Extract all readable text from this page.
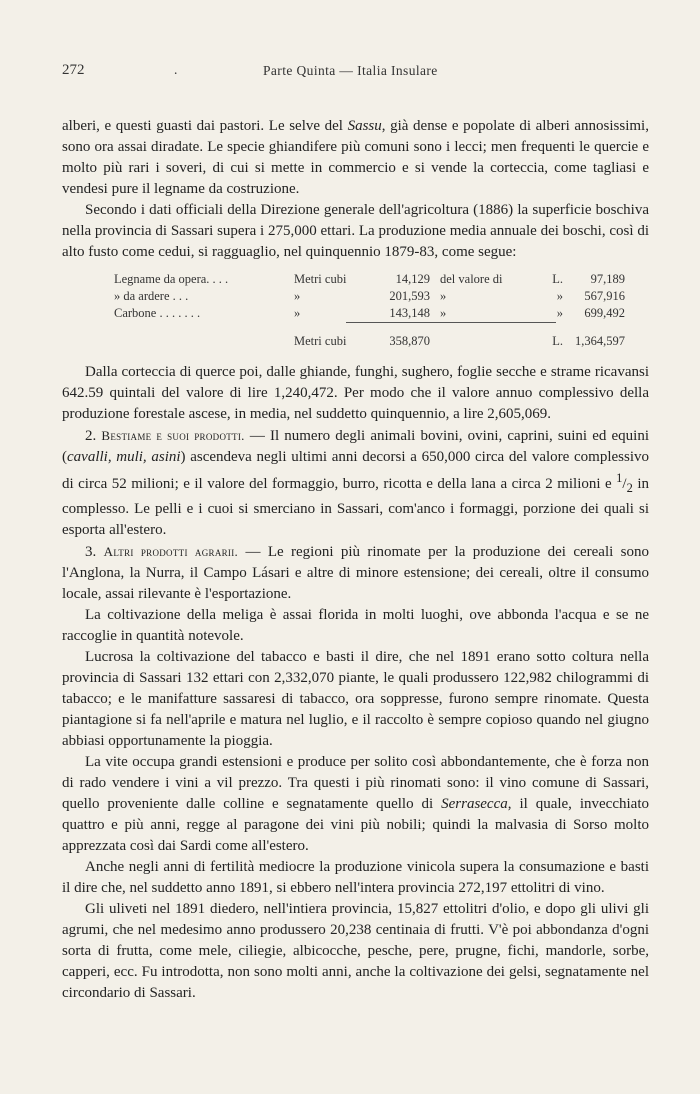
272	.	Parte Quinta — Italia Insulare

alberi, e questi guasti dai pastori. Le selve del Sassu, già dense e popolate di alberi annosissimi, sono ora assai diradate. Le specie ghiandifere più comuni sono i lecci; men frequenti le quercie e molto più rari i soveri, di cui si mette in commercio e si vende la corteccia, come tagliasi e vendesi pure il legname da costruzione.

Secondo i dati officiali della Direzione generale dell'agricoltura (1886) la superficie boschiva nella provincia di Sassari supera i 275,000 ettari. La produzione media annuale dei boschi, così di alto fusto come cedui, si ragguaglio, nel quinquennio 1879-83, come segue:

Legname da opera. . . .	Metri cubi	14,129	del valore di	L.	97,189
» da ardere . . .	»	201,593	»	»	567,916
Carbone . . . . . . .	»	143,148	»	»	699,492

	Metri cubi	358,870		L.	1,364,597

Dalla corteccia di querce poi, dalle ghiande, funghi, sughero, foglie secche e strame ricavansi 642.59 quintali del valore di lire 1,240,472. Per modo che il valore annuo complessivo della produzione forestale ascese, in media, nel suddetto quinquennio, a lire 2,605,069.

2. Bestiame e suoi prodotti. — Il numero degli animali bovini, ovini, caprini, suini ed equini (cavalli, muli, asini) ascendeva negli ultimi anni decorsi a 650,000 circa del valore complessivo di circa 52 milioni; e il valore del formaggio, burro, ricotta e della lana a circa 2 milioni e $^1/_2$ in complesso. Le pelli e i cuoi si smerciano in Sassari, com'anco i formaggi, porzione dei quali si esporta all'estero.

3. Altri prodotti agrarii. — Le regioni più rinomate per la produzione dei cereali sono l'Anglona, la Nurra, il Campo Lásari e altre di minore estensione; dei cereali, oltre il consumo locale, assai rilevante è l'esportazione.

La coltivazione della meliga è assai florida in molti luoghi, ove abbonda l'acqua e se ne raccoglie in quantità notevole.

Lucrosa la coltivazione del tabacco e basti il dire, che nel 1891 erano sotto coltura nella provincia di Sassari 132 ettari con 2,332,070 piante, le quali produssero 122,982 chilogrammi di tabacco; e le manifatture sassaresi di tabacco, ora soppresse, furono sempre rinomate. Questa piantagione si fa nell'aprile e matura nel luglio, e il raccolto è sempre copioso quando nel giugno abbiasi opportunamente la pioggia.

La vite occupa grandi estensioni e produce per solito così abbondantemente, che è forza non di rado vendere i vini a vil prezzo. Tra questi i più rinomati sono: il vino comune di Sassari, quello proveniente dalle colline e segnatamente quello di Serrasecca, il quale, invecchiato quattro e più anni, regge al paragone dei vini più nobili; quindi la malvasia di Sorso molto apprezzata così dai Sardi come all'estero.

Anche negli anni di fertilità mediocre la produzione vinicola supera la consumazione e basti il dire che, nel suddetto anno 1891, si ebbero nell'intera provincia 272,197 ettolitri di vino.

Gli uliveti nel 1891 diedero, nell'intiera provincia, 15,827 ettolitri d'olio, e dopo gli ulivi gli agrumi, che nel medesimo anno produssero 20,238 centinaia di frutti. V'è poi abbondanza d'ogni sorta di frutta, come mele, ciliegie, albicocche, pesche, pere, prugne, fichi, mandorle, sorbe, capperi, ecc. Fu introdotta, non sono molti anni, anche la coltivazione dei gelsi, segnatamente nel circondario di Sassari.
